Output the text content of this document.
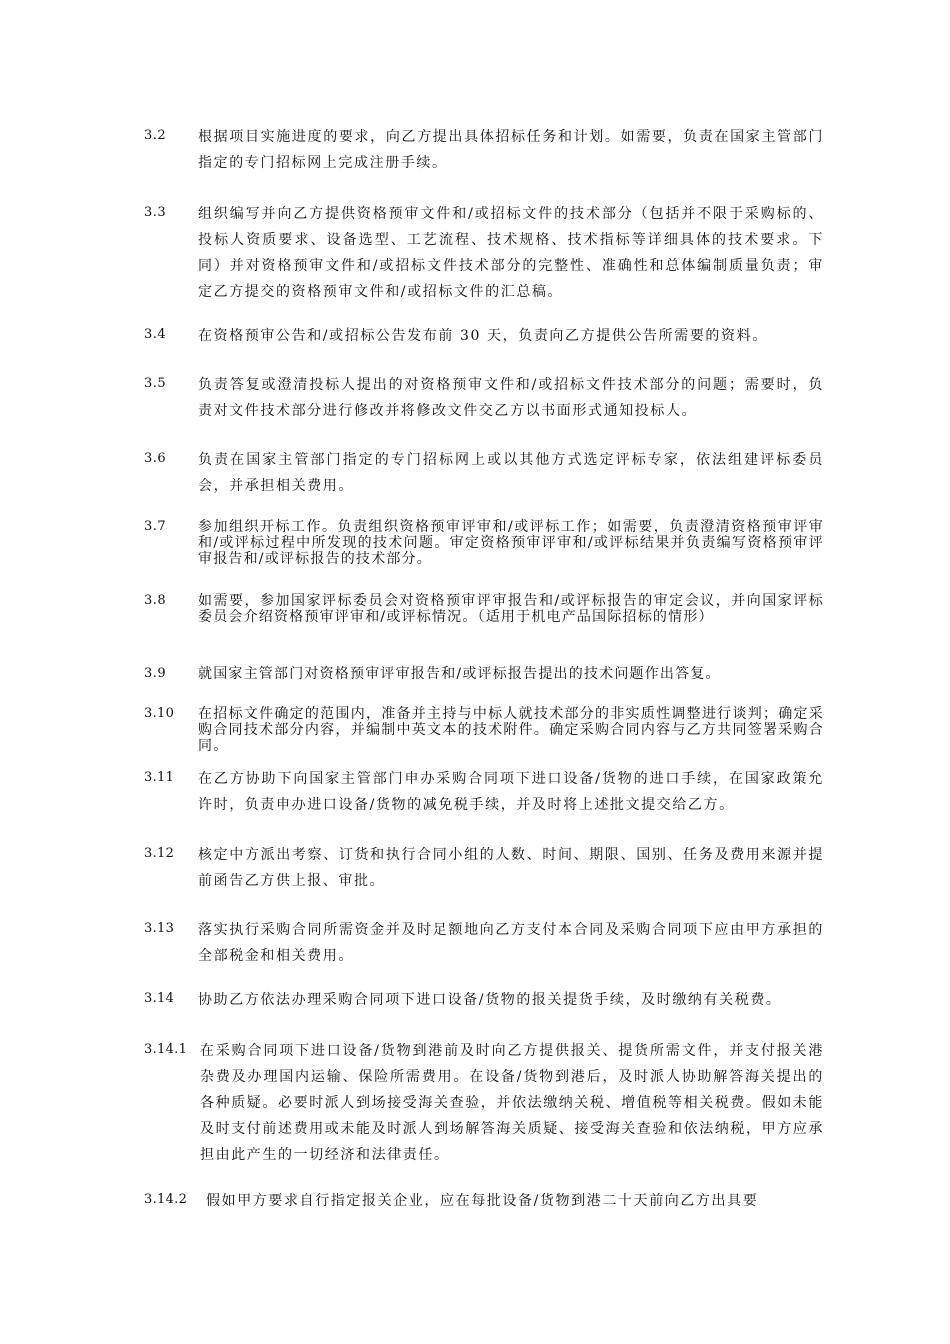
3.2 根据项目实施进度的要求，向乙方提出具体招标任务和计划。如需要，负责在国家主管部门指定的专门招标网上完成注册手续。
3.3 组织编写并向乙方提供资格预审文件和/或招标文件的技术部分（包括并不限于采购标的、投标人资质要求、设备选型、工艺流程、技术规格、技术指标等详细具体的技术要求。下同）并对资格预审文件和/或招标文件技术部分的完整性、准确性和总体编制质量负责；审定乙方提交的资格预审文件和/或招标文件的汇总稿。
3.4 在资格预审公告和/或招标公告发布前 30 天，负责向乙方提供公告所需要的资料。
3.5 负责答复或澄清投标人提出的对资格预审文件和/或招标文件技术部分的问题；需要时，负责对文件技术部分进行修改并将修改文件交乙方以书面形式通知投标人。
3.6 负责在国家主管部门指定的专门招标网上或以其他方式选定评标专家，依法组建评标委员会，并承担相关费用。
3.7 参加组织开标工作。负责组织资格预审评审和/或评标工作；如需要，负责澄清资格预审评审和/或评标过程中所发现的技术问题。审定资格预审评审和/或评标结果并负责编写资格预审评审报告和/或评标报告的技术部分。
3.8 如需要，参加国家评标委员会对资格预审评审报告和/或评标报告的审定会议，并向国家评标委员会介绍资格预审评审和/或评标情况。（适用于机电产品国际招标的情形）
3.9 就国家主管部门对资格预审评审报告和/或评标报告提出的技术问题作出答复。
3.10 在招标文件确定的范围内，准备并主持与中标人就技术部分的非实质性调整进行谈判；确定采购合同技术部分内容，并编制中英文本的技术附件。确定采购合同内容与乙方共同签署采购合同。
3.11 在乙方协助下向国家主管部门申办采购合同项下进口设备/货物的进口手续，在国家政策允许时，负责申办进口设备/货物的减免税手续，并及时将上述批文提交给乙方。
3.12 核定中方派出考察、订货和执行合同小组的人数、时间、期限、国别、任务及费用来源并提前函告乙方供上报、审批。
3.13 落实执行采购合同所需资金并及时足额地向乙方支付本合同及采购合同项下应由甲方承担的全部税金和相关费用。
3.14 协助乙方依法办理采购合同项下进口设备/货物的报关提货手续，及时缴纳有关税费。
3.14.1 在采购合同项下进口设备/货物到港前及时向乙方提供报关、提货所需文件，并支付报关港杂费及办理国内运输、保险所需费用。在设备/货物到港后，及时派人协助解答海关提出的各种质疑。必要时派人到场接受海关查验，并依法缴纳关税、增值税等相关税费。假如未能及时支付前述费用或未能及时派人到场解答海关质疑、接受海关查验和依法纳税，甲方应承担由此产生的一切经济和法律责任。
3.14.2 假如甲方要求自行指定报关企业，应在每批设备/货物到港二十天前向乙方出具要
